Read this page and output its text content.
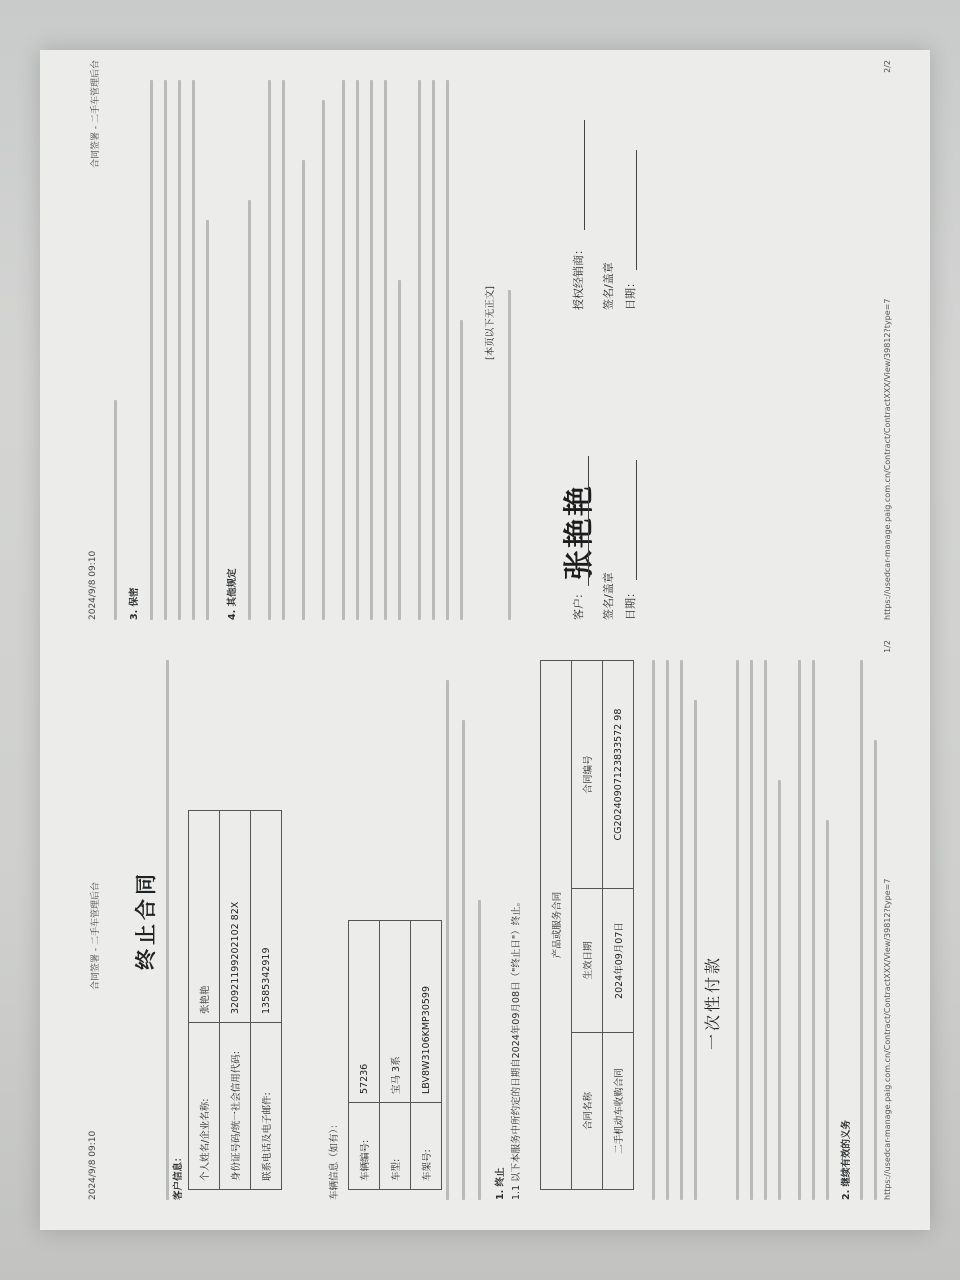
2024/9/8 09:10
合同签署 - 二手车管理后台 终止合同
客户信息： 个人姓名/企业名称:	张艳艳
身份证号码/统一社会信用代码:	320921199202102 82X
联系电话及电子邮件:	13585342919
车辆信息（如有）： 车辆编号:	57236
车型:	宝马 3系
车架号:	LBV8W3106KMP30599
1. 终止 1.1 以下本服务中所约定的日期自2024年09月08日（"终止日"）终止。	产品或服务合同		
合同名称	生效日期	合同编号
二手机动车收购合同	2024年09月07日	CG20240907123833572 98
一次性付款
2. 继续有效的义务	https://usedcar-manage.paig.com.cn/Contract/ContractXXX/View/39812?type=7
1/2
2024/9/8 09:10
合同签署 - 二手车管理后台
3. 保密	4. 其他规定
[本页以下无正文]
客户:
张艳艳
签名/盖章 日期：
授权经销商： 签名/盖章 日期：
https://usedcar-manage.paig.com.cn/Contract/ContractXXX/View/39812?type=7
2/2
